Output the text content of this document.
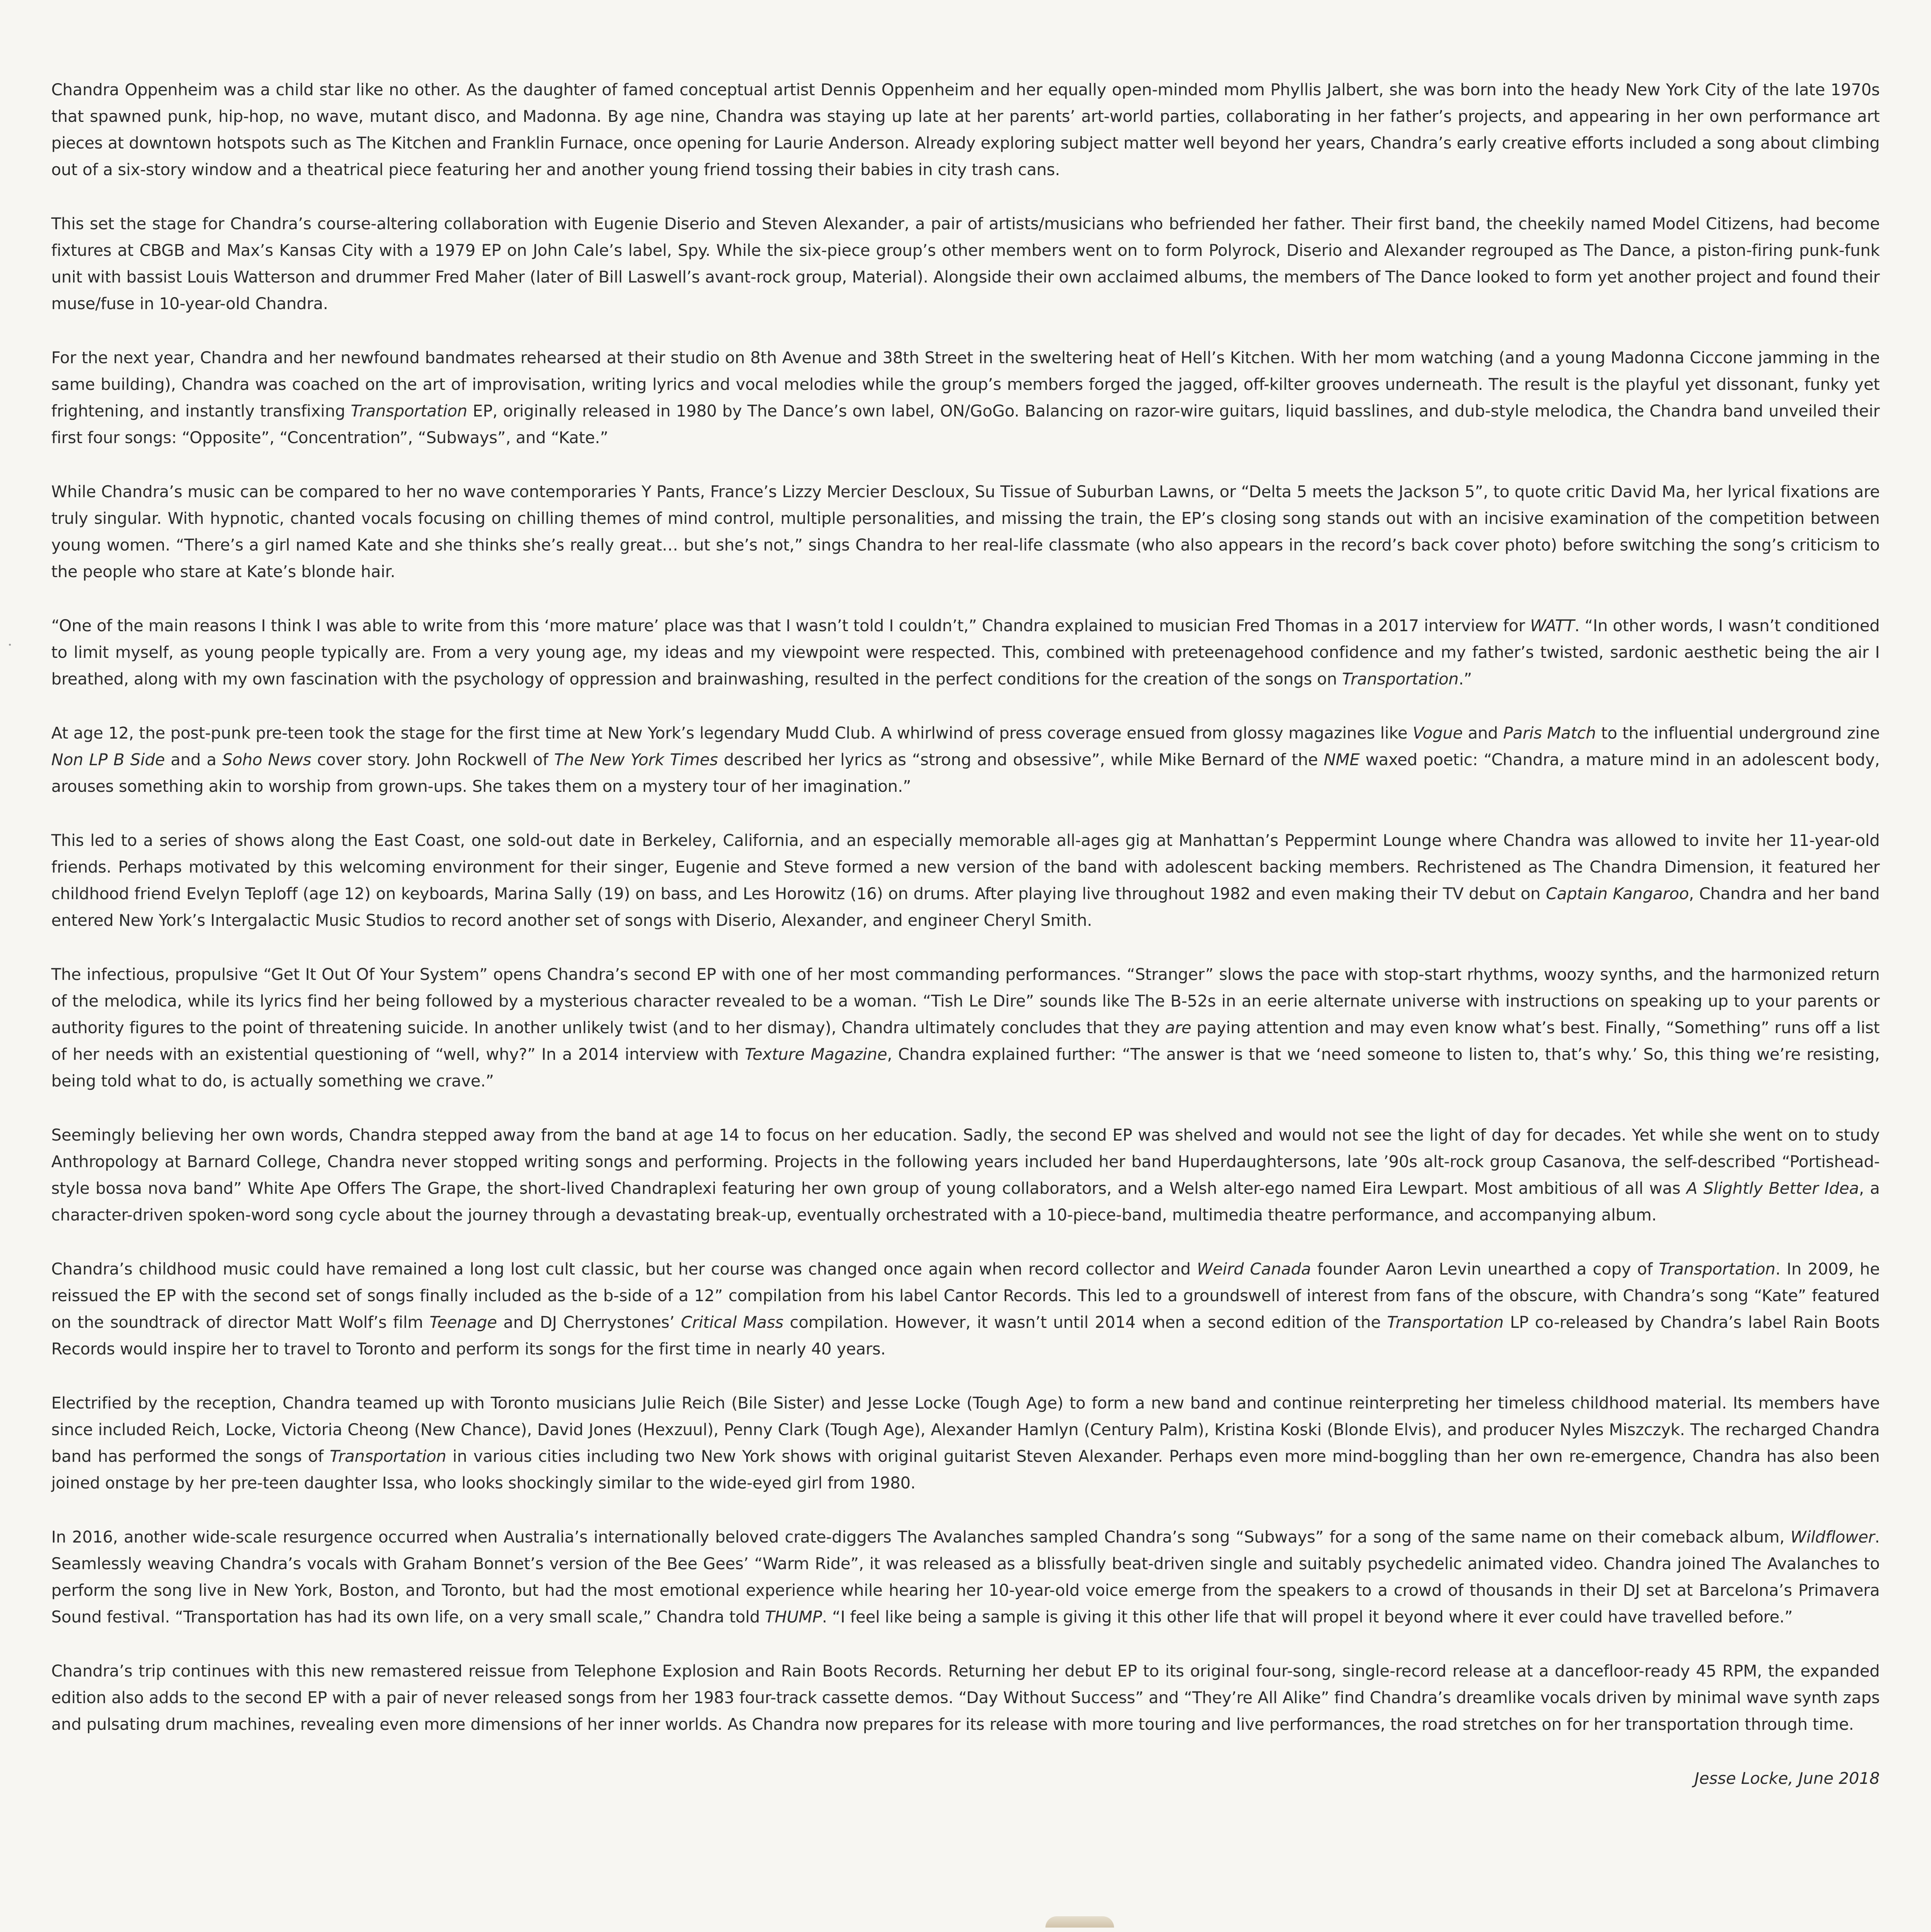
Chandra Oppenheim was a child star like no other. As the daughter of famed conceptual artist Dennis Oppenheim and her equally open-minded mom Phyllis Jalbert, she was born into the heady New York City of the late 1970s that spawned punk, hip-hop, no wave, mutant disco, and Madonna. By age nine, Chandra was staying up late at her parents’ art-world parties, collaborating in her father’s projects, and appearing in her own performance art pieces at downtown hotspots such as The Kitchen and Franklin Furnace, once opening for Laurie Anderson. Already exploring subject matter well beyond her years, Chandra’s early creative efforts included a song about climbing out of a six-story window and a theatrical piece featuring her and another young friend tossing their babies in city trash cans.

This set the stage for Chandra’s course-altering collaboration with Eugenie Diserio and Steven Alexander, a pair of artists/musicians who befriended her father. Their first band, the cheekily named Model Citizens, had become fixtures at CBGB and Max’s Kansas City with a 1979 EP on John Cale’s label, Spy. While the six-piece group’s other members went on to form Polyrock, Diserio and Alexander regrouped as The Dance, a piston-firing punk-funk unit with bassist Louis Watterson and drummer Fred Maher (later of Bill Laswell’s avant-rock group, Material). Alongside their own acclaimed albums, the members of The Dance looked to form yet another project and found their muse/fuse in 10-year-old Chandra.

For the next year, Chandra and her newfound bandmates rehearsed at their studio on 8th Avenue and 38th Street in the sweltering heat of Hell’s Kitchen. With her mom watching (and a young Madonna Ciccone jamming in the same building), Chandra was coached on the art of improvisation, writing lyrics and vocal melodies while the group’s members forged the jagged, off-kilter grooves underneath. The result is the playful yet dissonant, funky yet frightening, and instantly transfixing Transportation EP, originally released in 1980 by The Dance’s own label, ON/GoGo. Balancing on razor-wire guitars, liquid basslines, and dub-style melodica, the Chandra band unveiled their first four songs: “Opposite”, “Concentration”, “Subways”, and “Kate.”

While Chandra’s music can be compared to her no wave contemporaries Y Pants, France’s Lizzy Mercier Descloux, Su Tissue of Suburban Lawns, or “Delta 5 meets the Jackson 5”, to quote critic David Ma, her lyrical fixations are truly singular. With hypnotic, chanted vocals focusing on chilling themes of mind control, multiple personalities, and missing the train, the EP’s closing song stands out with an incisive examination of the competition between young women. “There’s a girl named Kate and she thinks she’s really great… but she’s not,” sings Chandra to her real-life classmate (who also appears in the record’s back cover photo) before switching the song’s criticism to the people who stare at Kate’s blonde hair.

“One of the main reasons I think I was able to write from this ‘more mature’ place was that I wasn’t told I couldn’t,” Chandra explained to musician Fred Thomas in a 2017 interview for WATT. “In other words, I wasn’t conditioned to limit myself, as young people typically are. From a very young age, my ideas and my viewpoint were respected. This, combined with preteenagehood confidence and my father’s twisted, sardonic aesthetic being the air I breathed, along with my own fascination with the psychology of oppression and brainwashing, resulted in the perfect conditions for the creation of the songs on Transportation.”

At age 12, the post-punk pre-teen took the stage for the first time at New York’s legendary Mudd Club. A whirlwind of press coverage ensued from glossy magazines like Vogue and Paris Match to the influential underground zine Non LP B Side and a Soho News cover story. John Rockwell of The New York Times described her lyrics as “strong and obsessive”, while Mike Bernard of the NME waxed poetic: “Chandra, a mature mind in an adolescent body, arouses something akin to worship from grown-ups. She takes them on a mystery tour of her imagination.”

This led to a series of shows along the East Coast, one sold-out date in Berkeley, California, and an especially memorable all-ages gig at Manhattan’s Peppermint Lounge where Chandra was allowed to invite her 11-year-old friends. Perhaps motivated by this welcoming environment for their singer, Eugenie and Steve formed a new version of the band with adolescent backing members. Rechristened as The Chandra Dimension, it featured her childhood friend Evelyn Teploff (age 12) on keyboards, Marina Sally (19) on bass, and Les Horowitz (16) on drums. After playing live throughout 1982 and even making their TV debut on Captain Kangaroo, Chandra and her band entered New York’s Intergalactic Music Studios to record another set of songs with Diserio, Alexander, and engineer Cheryl Smith.

The infectious, propulsive “Get It Out Of Your System” opens Chandra’s second EP with one of her most commanding performances. “Stranger” slows the pace with stop-start rhythms, woozy synths, and the harmonized return of the melodica, while its lyrics find her being followed by a mysterious character revealed to be a woman. “Tish Le Dire” sounds like The B-52s in an eerie alternate universe with instructions on speaking up to your parents or authority figures to the point of threatening suicide. In another unlikely twist (and to her dismay), Chandra ultimately concludes that they are paying attention and may even know what’s best. Finally, “Something” runs off a list of her needs with an existential questioning of “well, why?” In a 2014 interview with Texture Magazine, Chandra explained further: “The answer is that we ‘need someone to listen to, that’s why.’ So, this thing we’re resisting, being told what to do, is actually something we crave.”

Seemingly believing her own words, Chandra stepped away from the band at age 14 to focus on her education. Sadly, the second EP was shelved and would not see the light of day for decades. Yet while she went on to study Anthropology at Barnard College, Chandra never stopped writing songs and performing. Projects in the following years included her band Huperdaughtersons, late ’90s alt-rock group Casanova, the self-described “Portishead-style bossa nova band” White Ape Offers The Grape, the short-lived Chandraplexi featuring her own group of young collaborators, and a Welsh alter-ego named Eira Lewpart. Most ambitious of all was A Slightly Better Idea, a character-driven spoken-word song cycle about the journey through a devastating break-up, eventually orchestrated with a 10-piece-band, multimedia theatre performance, and accompanying album.

Chandra’s childhood music could have remained a long lost cult classic, but her course was changed once again when record collector and Weird Canada founder Aaron Levin unearthed a copy of Transportation. In 2009, he reissued the EP with the second set of songs finally included as the b-side of a 12” compilation from his label Cantor Records. This led to a groundswell of interest from fans of the obscure, with Chandra’s song “Kate” featured on the soundtrack of director Matt Wolf’s film Teenage and DJ Cherrystones’ Critical Mass compilation. However, it wasn’t until 2014 when a second edition of the Transportation LP co-released by Chandra’s label Rain Boots Records would inspire her to travel to Toronto and perform its songs for the first time in nearly 40 years.

Electrified by the reception, Chandra teamed up with Toronto musicians Julie Reich (Bile Sister) and Jesse Locke (Tough Age) to form a new band and continue reinterpreting her timeless childhood material. Its members have since included Reich, Locke, Victoria Cheong (New Chance), David Jones (Hexzuul), Penny Clark (Tough Age), Alexander Hamlyn (Century Palm), Kristina Koski (Blonde Elvis), and producer Nyles Miszczyk. The recharged Chandra band has performed the songs of Transportation in various cities including two New York shows with original guitarist Steven Alexander. Perhaps even more mind-boggling than her own re-emergence, Chandra has also been joined onstage by her pre-teen daughter Issa, who looks shockingly similar to the wide-eyed girl from 1980.

In 2016, another wide-scale resurgence occurred when Australia’s internationally beloved crate-diggers The Avalanches sampled Chandra’s song “Subways” for a song of the same name on their comeback album, Wildflower. Seamlessly weaving Chandra’s vocals with Graham Bonnet’s version of the Bee Gees’ “Warm Ride”, it was released as a blissfully beat-driven single and suitably psychedelic animated video. Chandra joined The Avalanches to perform the song live in New York, Boston, and Toronto, but had the most emotional experience while hearing her 10-year-old voice emerge from the speakers to a crowd of thousands in their DJ set at Barcelona’s Primavera Sound festival. “Transportation has had its own life, on a very small scale,” Chandra told THUMP. “I feel like being a sample is giving it this other life that will propel it beyond where it ever could have travelled before.”

Chandra’s trip continues with this new remastered reissue from Telephone Explosion and Rain Boots Records. Returning her debut EP to its original four-song, single-record release at a dancefloor-ready 45 RPM, the expanded edition also adds to the second EP with a pair of never released songs from her 1983 four-track cassette demos. “Day Without Success” and “They’re All Alike” find Chandra’s dreamlike vocals driven by minimal wave synth zaps and pulsating drum machines, revealing even more dimensions of her inner worlds. As Chandra now prepares for its release with more touring and live performances, the road stretches on for her transportation through time.

Jesse Locke, June 2018
